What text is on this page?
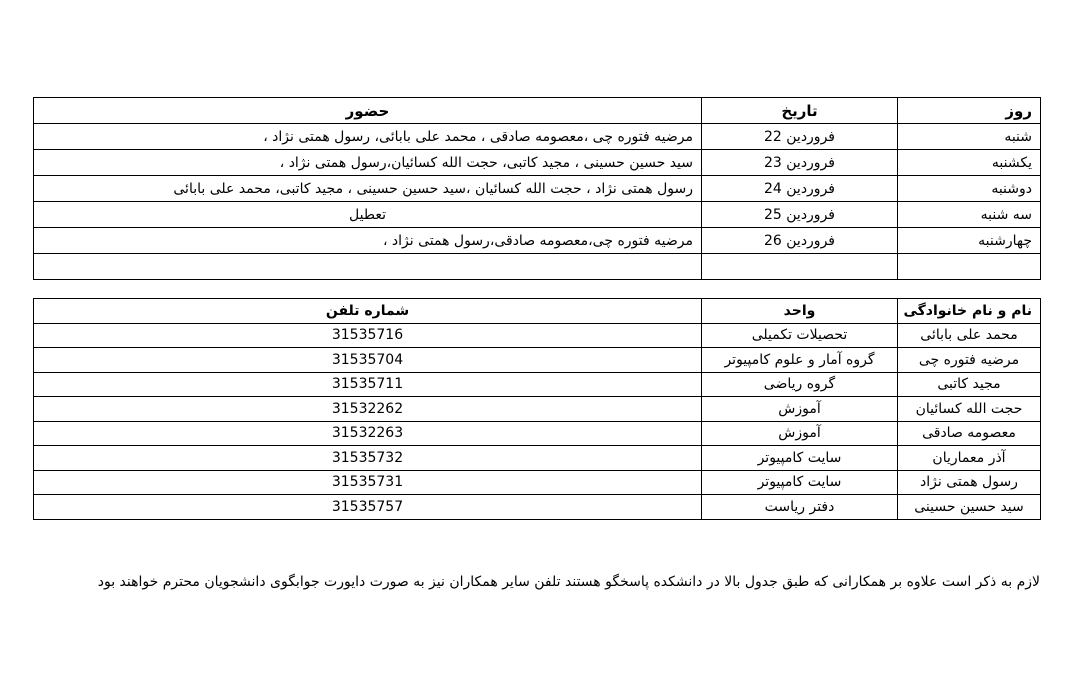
روز	تاریخ	حضور
شنبه	فروردین 22	مرضیه فتوره چی ،معصومه صادقی ، محمد علی بابائی، رسول همتی نژاد ،
یکشنبه	فروردین 23	سید حسین حسینی ، مجید کاتبی، حجت الله کسائیان،رسول همتی نژاد ،
دوشنبه	فروردین 24	رسول همتی نژاد ، حجت الله کسائیان ،سید حسین حسینی ، مجید کاتبی، محمد علی بابائی
سه شنبه	فروردین 25	تعطیل
چهارشنبه	فروردین 26	مرضیه فتوره چی،معصومه صادقی،رسول همتی نژاد ،

نام و نام خانوادگی	واحد	شماره تلفن
محمد علی بابائی	تحصیلات تکمیلی	31535716
مرضیه فتوره چی	گروه آمار و علوم کامپیوتر	31535704
مجید کاتبی	گروه ریاضی	31535711
حجت الله کسائیان	آموزش	31532262
معصومه صادقی	آموزش	31532263
آذر معماریان	سایت کامپیوتر	31535732
رسول همتی نژاد	سایت کامپیوتر	31535731
سید حسین حسینی	دفتر ریاست	31535757
لازم به ذکر است علاوه بر همکارانی که طبق جدول بالا در دانشکده پاسخگو هستند تلفن سایر همکاران نیز به صورت دایورت جوابگوی دانشجویان محترم خواهند بود
